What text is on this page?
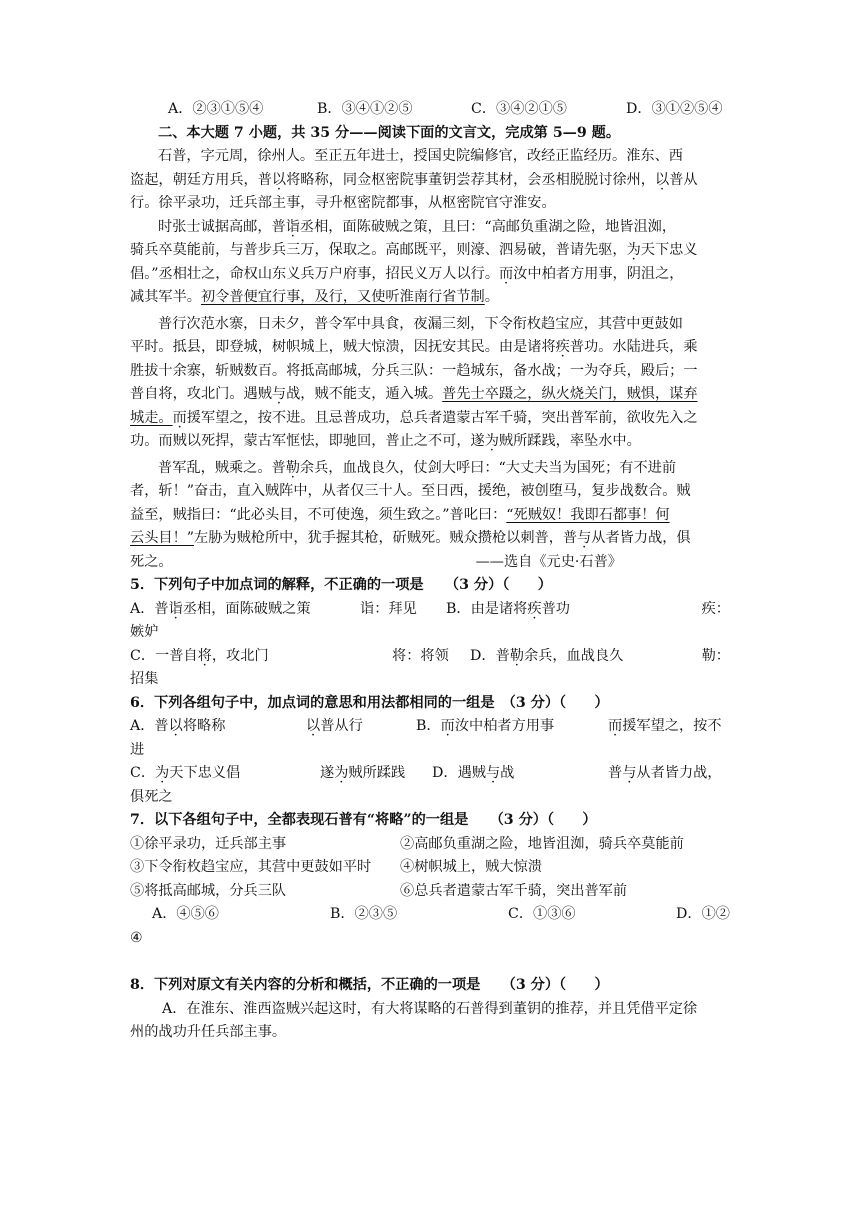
A．②③①⑤④	B．③④①②⑤	C．③④②①⑤	D．③①②⑤④
二、本大题 7 小题，共 35 分——阅读下面的文言文，完成第 5—9 题。
石普，字元周，徐州人。至正五年进士，授国史院编修官，改经正监经历。淮东、西
盗起，朝廷方用兵，普以将略称，同佥枢密院事董钥尝荐其材，会丞相脱脱讨徐州，以普从
行。徐平录功，迁兵部主事，寻升枢密院都事，从枢密院官守淮安。
时张士诚据高邮，普诣丞相，面陈破贼之策，且曰：“高邮负重湖之险，地皆沮洳，
骑兵卒莫能前，与普步兵三万，保取之。高邮既平，则濠、泗易破，普请先驱，为天下忠义
倡。”丞相壮之，命权山东义兵万户府事，招民义万人以行。而汝中柏者方用事，阴沮之，
减其军半。初令普便宜行事，及行，又使听淮南行省节制。
普行次范水寨，日未夕，普令军中具食，夜漏三刻，下令衔枚趋宝应，其营中更鼓如
平时。抵县，即登城，树帜城上，贼大惊溃，因抚安其民。由是诸将疾普功。水陆进兵，乘
胜拔十余寨，斩贼数百。将抵高邮城，分兵三队：一趋城东，备水战；一为夺兵，殿后；一
普自将，攻北门。遇贼与战，贼不能支，遁入城。普先士卒蹑之，纵火烧关门，贼惧，谋弃
城走。而援军望之，按不进。且忌普成功，总兵者遣蒙古军千骑，突出普军前，欲收先入之
功。而贼以死捍，蒙古军恇怯，即驰回，普止之不可，遂为贼所蹂践，率坠水中。
普军乱，贼乘之。普勒余兵，血战良久，仗剑大呼曰：“大丈夫当为国死；有不进前
者，斩！”奋击，直入贼阵中，从者仅三十人。至日西，援绝，被创堕马，复步战数合。贼
益至，贼指曰：“此必头目，不可使逸，须生致之。”普叱曰：“死贼奴！我即石都事！何
云头目！”左胁为贼枪所中，犹手握其枪，斫贼死。贼众攒枪以刺普，普与从者皆力战，俱
死之。	——选自《元史·石普》
5．下列句子中加点词的解释，不正确的一项是　　（3 分）（　　）
A．普诣丞相，面陈破贼之策	诣：拜见 B．由是诸将疾普功	疾：
嫉妒
C．一普自将，攻北门	将：将领 D．普勒余兵，血战良久	勒：
招集
6．下列各组句子中，加点词的意思和用法都相同的一组是　（3 分）（　　）
A．普以将略称	以普从行	B．而汝中柏者方用事	而援军望之，按不
进
C．为天下忠义倡	遂为贼所蹂践 D．遇贼与战	普与从者皆力战，
俱死之
7．以下各组句子中，全都表现石普有“将略”的一组是　　（3 分）（　　）
①徐平录功，迁兵部主事	②高邮负重湖之险，地皆沮洳，骑兵卒莫能前
③下令衔枚趋宝应，其营中更鼓如平时	④树帜城上，贼大惊溃
⑤将抵高邮城，分兵三队	⑥总兵者遣蒙古军千骑，突出普军前
A．④⑤⑥	B．②③⑤	C．①③⑥	D．①②
④
8．下列对原文有关内容的分析和概括，不正确的一项是　　（3 分）（　　）
A．在淮东、淮西盗贼兴起这时，有大将谋略的石普得到董钥的推荐，并且凭借平定徐
州的战功升任兵部主事。
